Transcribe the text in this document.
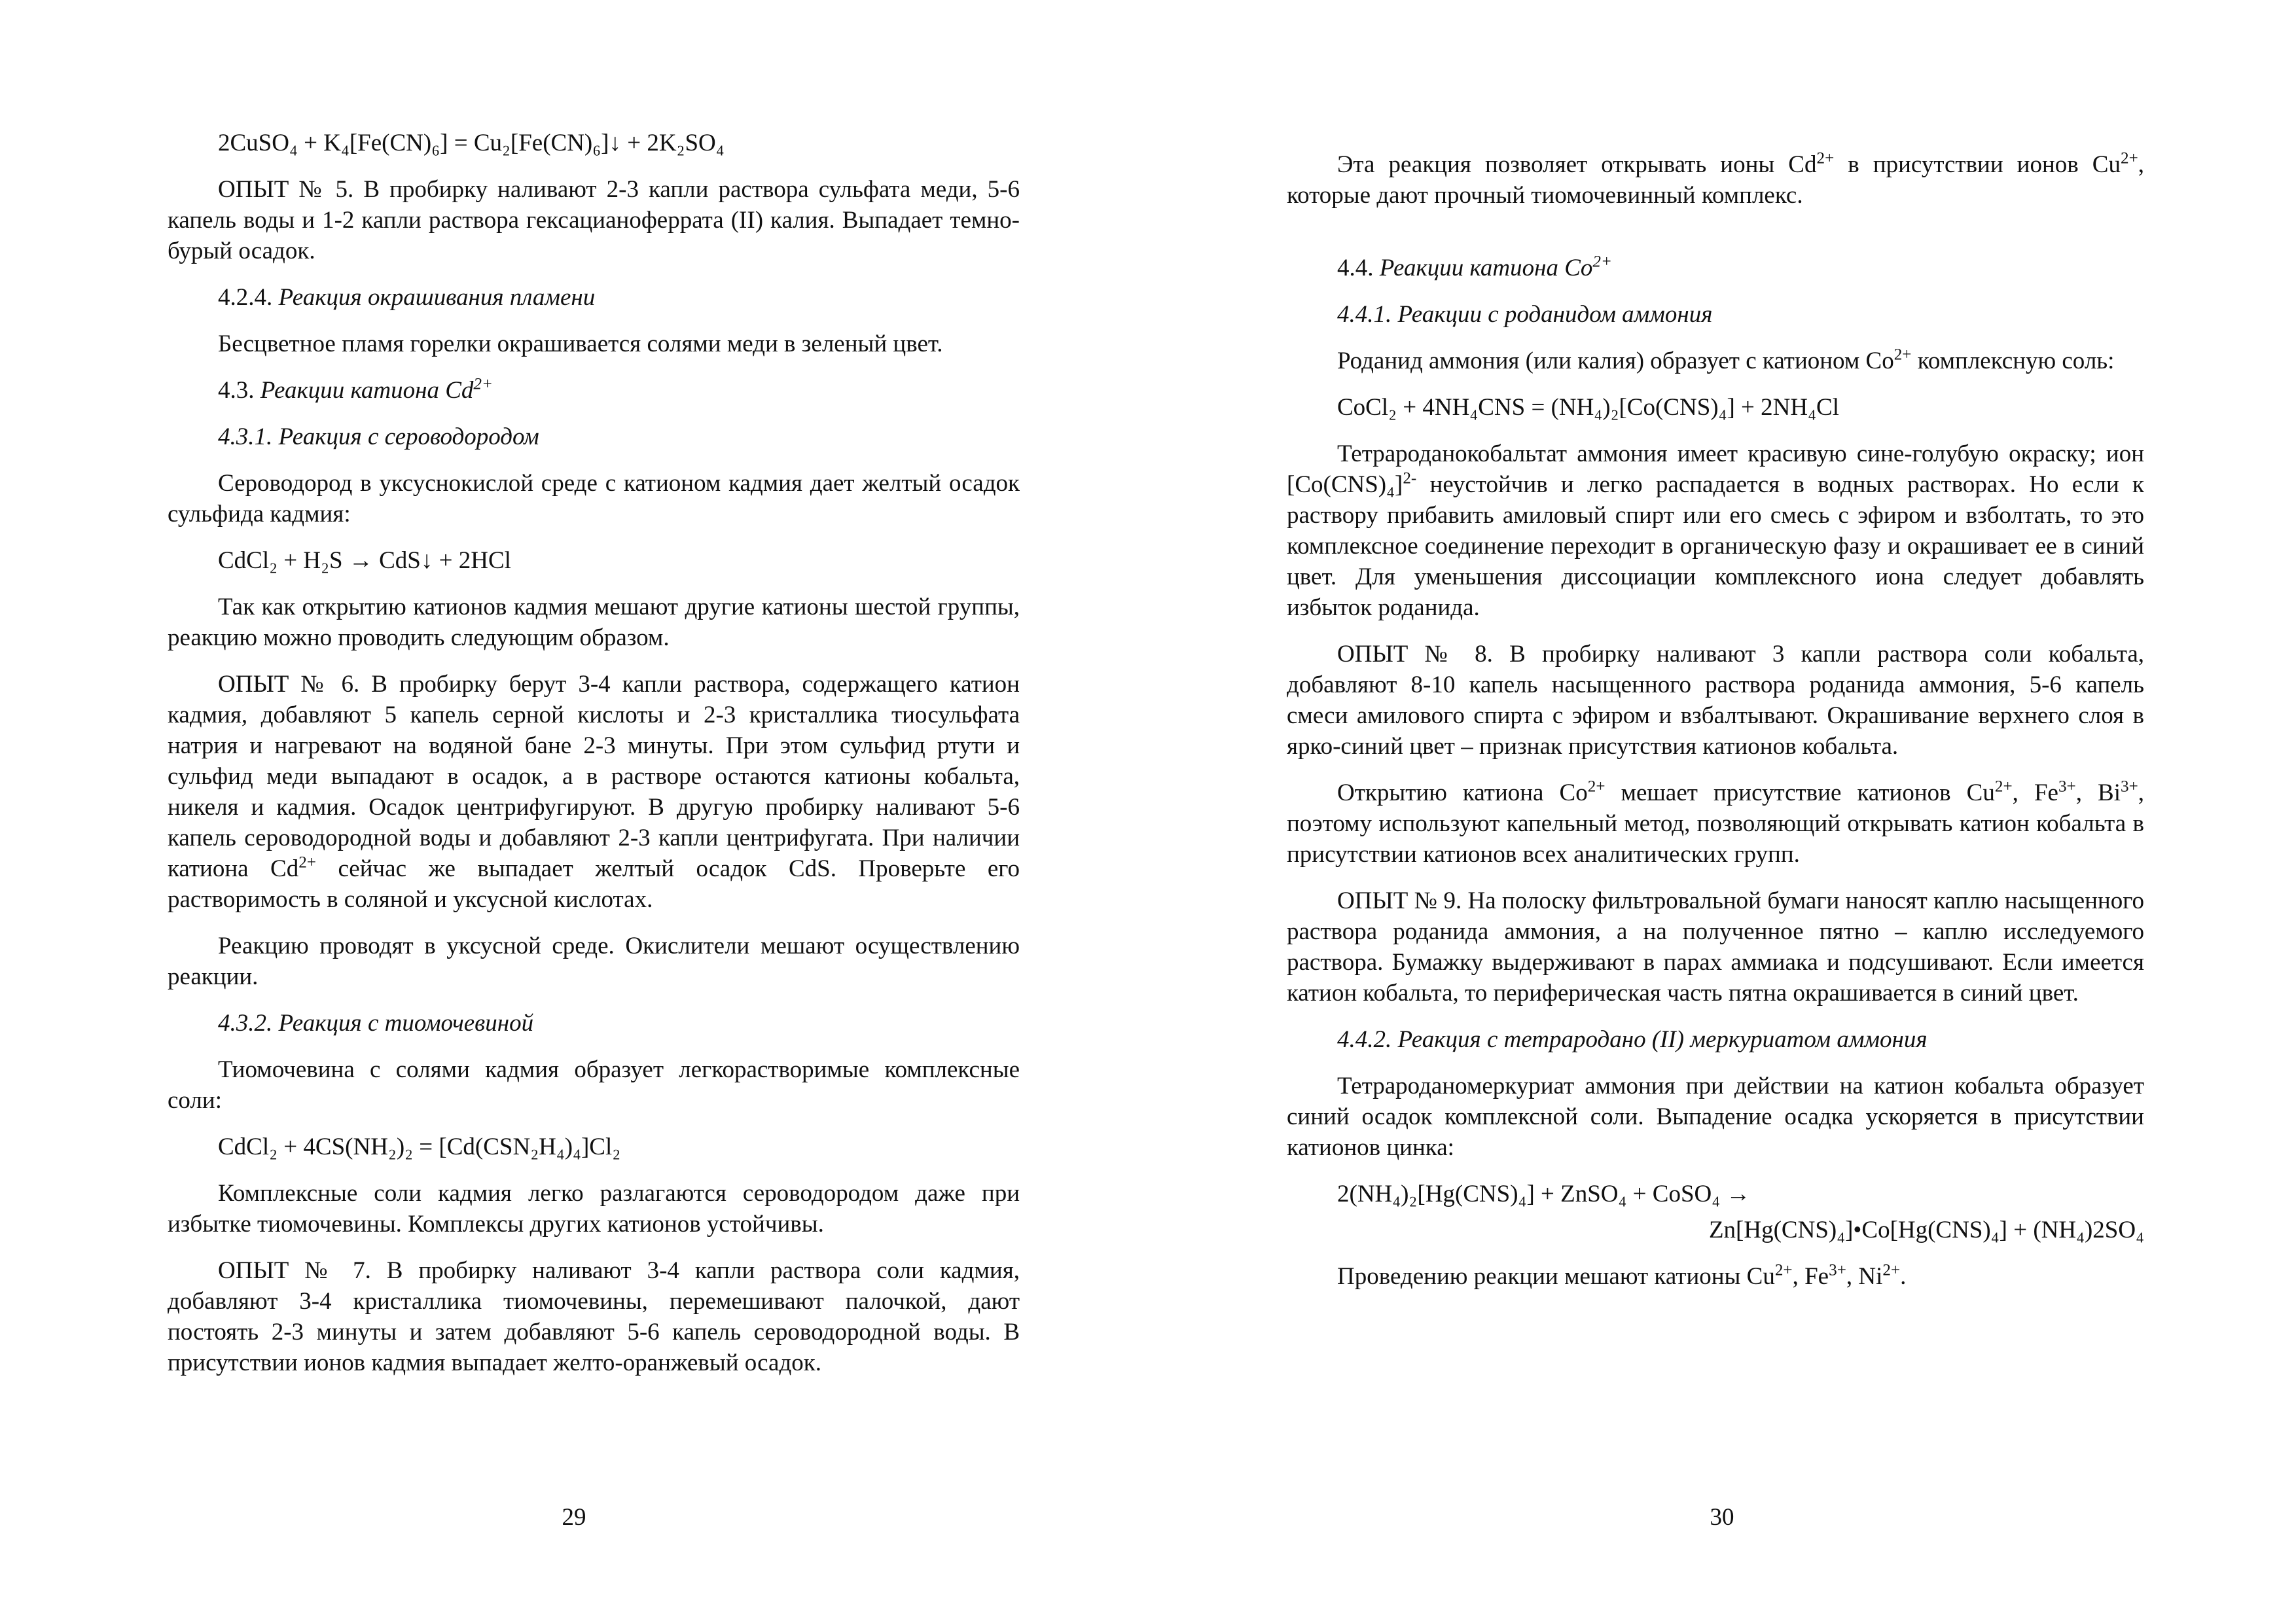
2CuSO₄ + K₄[Fe(CN)₆] = Cu₂[Fe(CN)₆]↓ + 2K₂SO₄

ОПЫТ № 5. В пробирку наливают 2-3 капли раствора сульфата меди, 5-6 капель воды и 1-2 капли раствора гексацианоферрата (II) калия. Выпадает темно-бурый осадок.

4.2.4. Реакция окрашивания пламени

Бесцветное пламя горелки окрашивается солями меди в зеленый цвет.

4.3. Реакции катиона $Cd^{2+}$

4.3.1. Реакция с сероводородом

Сероводород в уксуснокислой среде с катионом кадмия дает желтый осадок сульфида кадмия:

CdCl₂ + H₂S → CdS↓ + 2HCl

Так как открытию катионов кадмия мешают другие катионы шестой группы, реакцию можно проводить следующим образом.

ОПЫТ № 6. В пробирку берут 3-4 капли раствора, содержащего катион кадмия, добавляют 5 капель серной кислоты и 2-3 кристаллика тиосульфата натрия и нагревают на водяной бане 2-3 минуты. При этом сульфид ртути и сульфид меди выпадают в осадок, а в растворе остаются катионы кобальта, никеля и кадмия. Осадок центрифугируют. В другую пробирку наливают 5-6 капель сероводородной воды и добавляют 2-3 капли центрифугата. При наличии катиона $Cd^{2+}$ сейчас же выпадает желтый осадок CdS. Проверьте его растворимость в соляной и уксусной кислотах.

Реакцию проводят в уксусной среде. Окислители мешают осуществлению реакции.

4.3.2. Реакция с тиомочевиной

Тиомочевина с солями кадмия образует легкорастворимые комплексные соли:

CdCl₂ + 4CS(NH₂)₂ = [Cd(CSN₂H₄)₄]Cl₂

Комплексные соли кадмия легко разлагаются сероводородом даже при избытке тиомочевины. Комплексы других катионов устойчивы.

ОПЫТ № 7. В пробирку наливают 3-4 капли раствора соли кадмия, добавляют 3-4 кристаллика тиомочевины, перемешивают палочкой, дают постоять 2-3 минуты и затем добавляют 5-6 капель сероводородной воды. В присутствии ионов кадмия выпадает желто-оранжевый осадок.

29

Эта реакция позволяет открывать ионы $Cd^{2+}$ в присутствии ионов $Cu^{2+}$, которые дают прочный тиомочевинный комплекс.

4.4. Реакции катиона $Co^{2+}$

4.4.1. Реакции с роданидом аммония

Роданид аммония (или калия) образует с катионом $Co^{2+}$ комплексную соль:

CoCl₂ + 4NH₄CNS = (NH₄)₂[Co(CNS)₄] + 2NH₄Cl

Тетрароданокобальтат аммония имеет красивую сине-голубую окраску; ион $[Co(CNS)_4]^{2-}$ неустойчив и легко распадается в водных растворах. Но если к раствору прибавить амиловый спирт или его смесь с эфиром и взболтать, то это комплексное соединение переходит в органическую фазу и окрашивает ее в синий цвет. Для уменьшения диссоциации комплексного иона следует добавлять избыток роданида.

ОПЫТ № 8. В пробирку наливают 3 капли раствора соли кобальта, добавляют 8-10 капель насыщенного раствора роданида аммония, 5-6 капель смеси амилового спирта с эфиром и взбалтывают. Окрашивание верхнего слоя в ярко-синий цвет – признак присутствия катионов кобальта.

Открытию катиона $Co^{2+}$ мешает присутствие катионов $Cu^{2+}$, $Fe^{3+}$, $Bi^{3+}$, поэтому используют капельный метод, позволяющий открывать катион кобальта в присутствии катионов всех аналитических групп.

ОПЫТ № 9. На полоску фильтровальной бумаги наносят каплю насыщенного раствора роданида аммония, а на полученное пятно – каплю исследуемого раствора. Бумажку выдерживают в парах аммиака и подсушивают. Если имеется катион кобальта, то периферическая часть пятна окрашивается в синий цвет.

4.4.2. Реакция с тетрародано (II) меркуриатом аммония

Тетрароданомеркуриат аммония при действии на катион кобальта образует синий осадок комплексной соли. Выпадение осадка ускоряется в присутствии катионов цинка:

2(NH₄)₂[Hg(CNS)₄] + ZnSO₄ + CoSO₄ →

Zn[Hg(CNS)₄]•Co[Hg(CNS)₄] + (NH₄)2SO₄

Проведению реакции мешают катионы $Cu^{2+}$, $Fe^{3+}$, $Ni^{2+}$.

30
